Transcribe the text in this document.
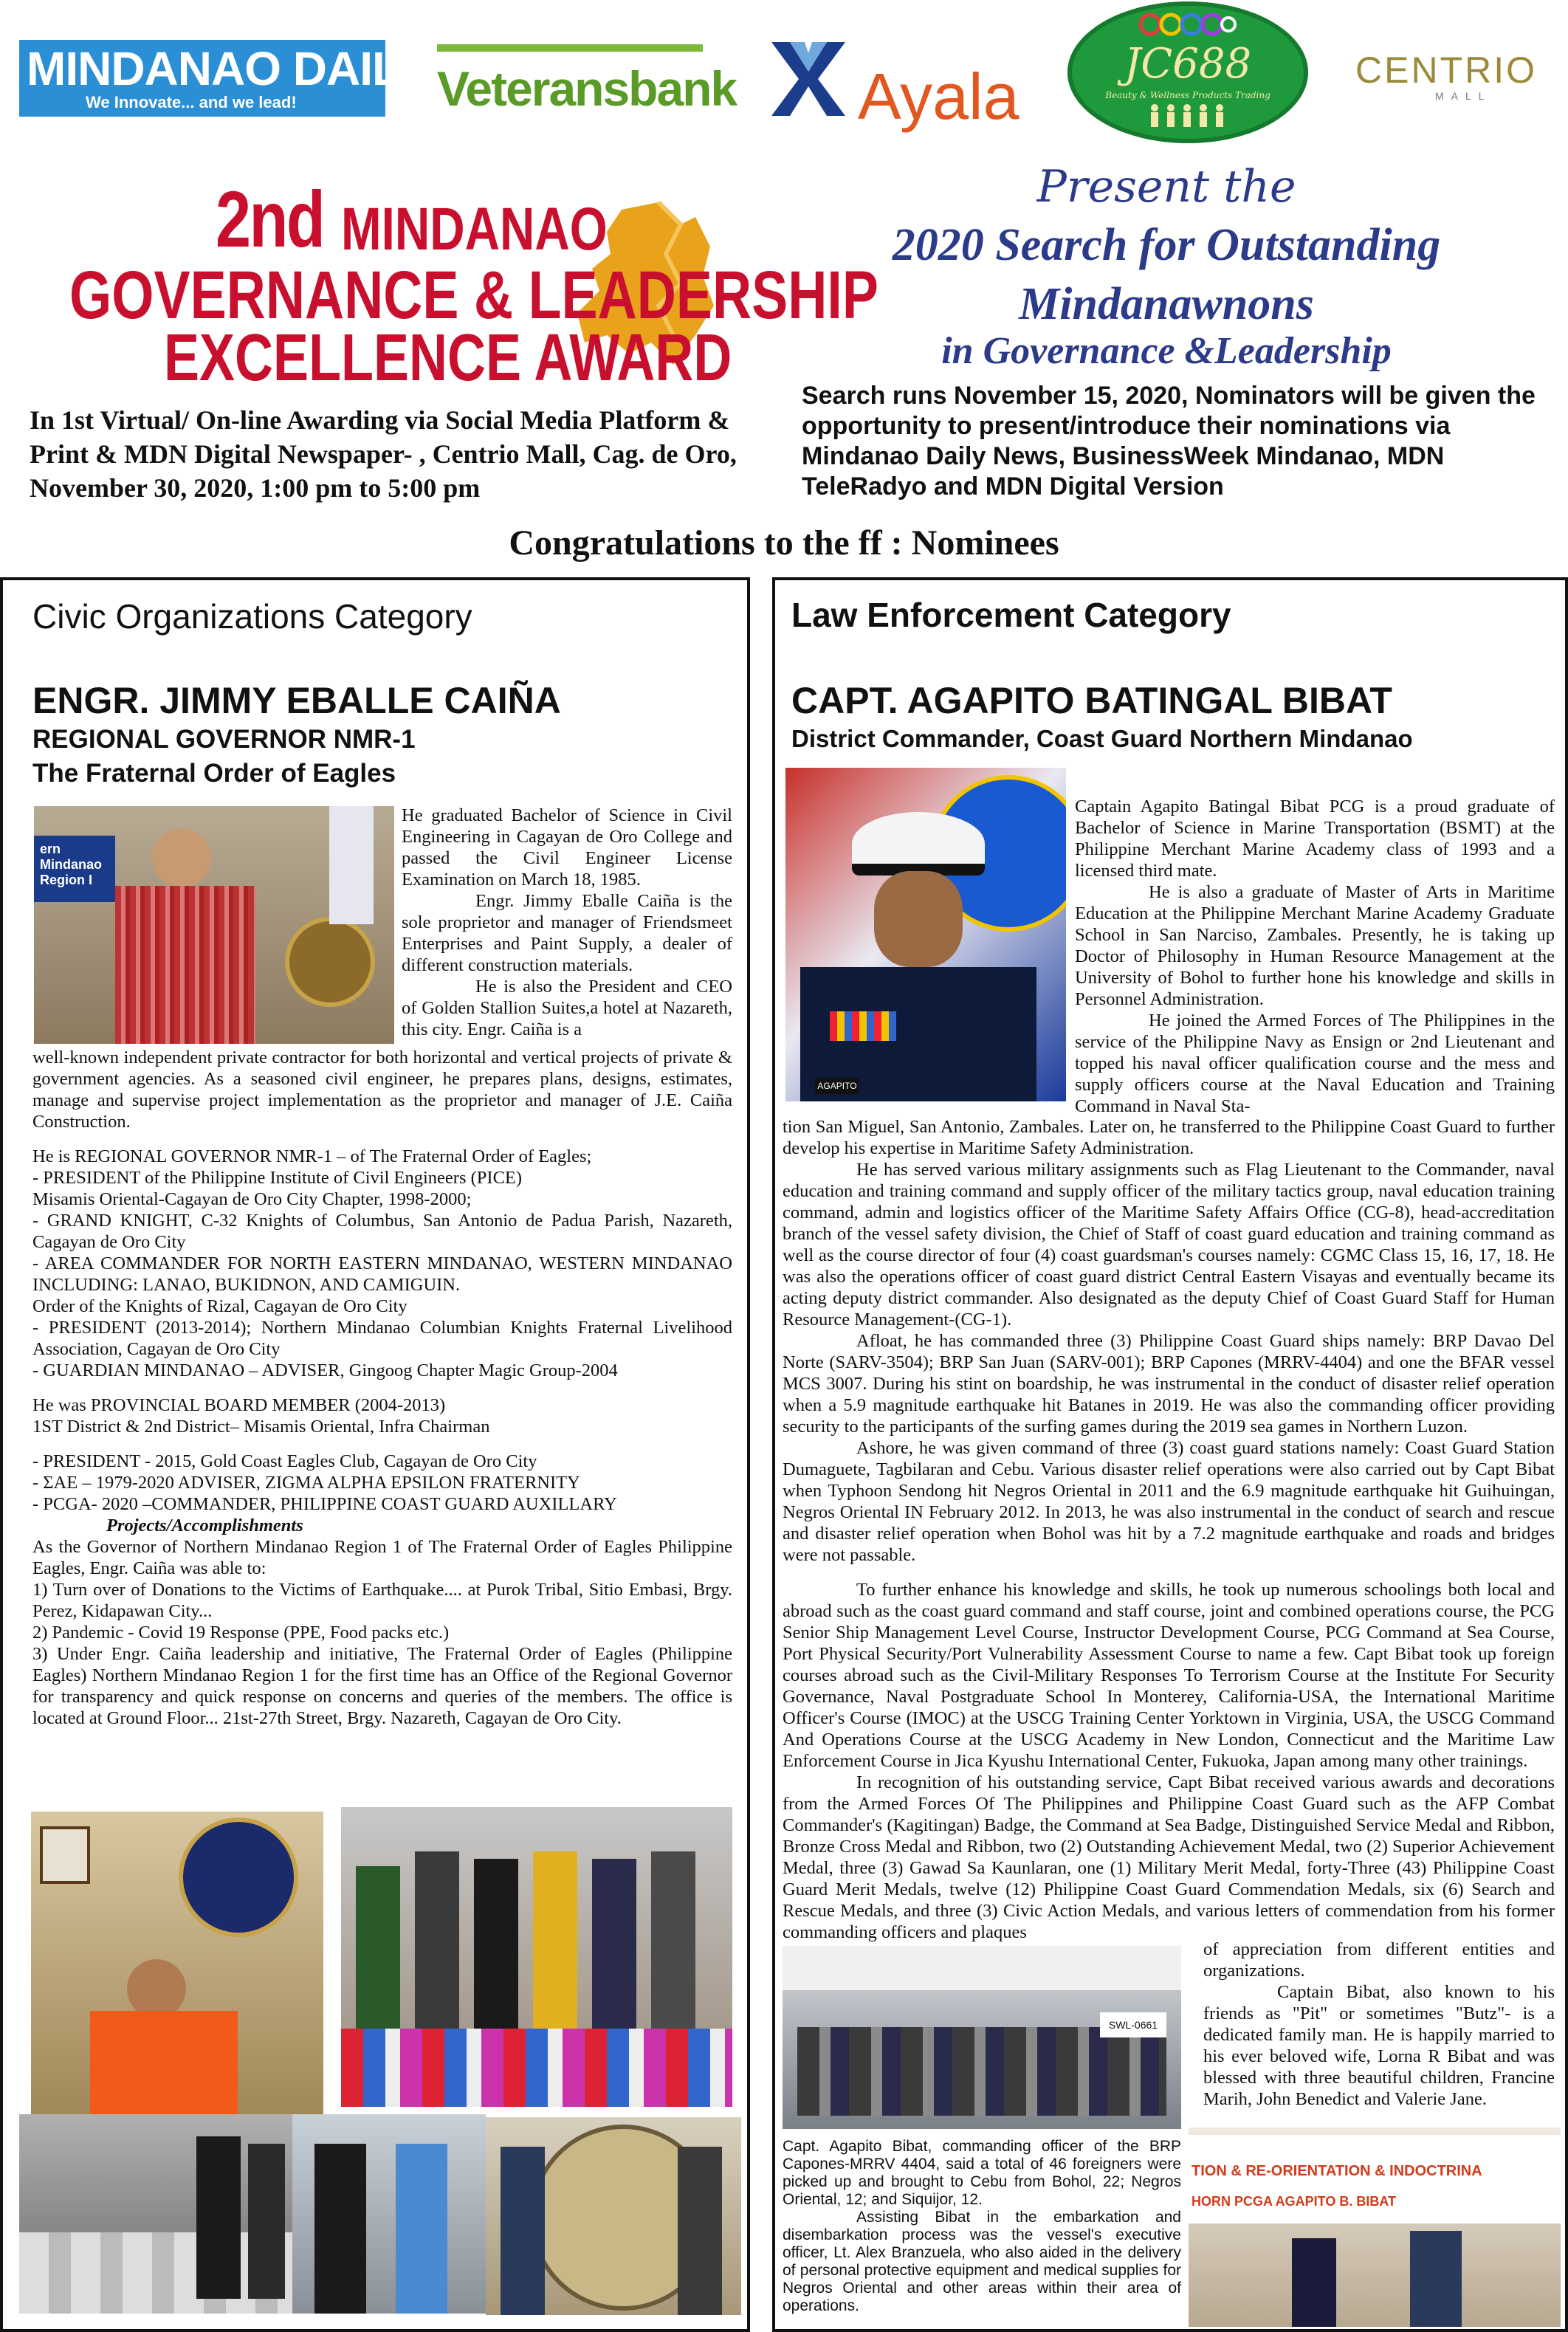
MINDANAO DAILY
We Innovate... and we lead!	Veteransbank Ayala	JC688
Beauty & Wellness Products Trading
CENTRIO
MALL
2nd MINDANAO
GOVERNANCE & LEADERSHIP
EXCELLENCE AWARD
In 1st Virtual/ On-line Awarding via Social Media Platform & Print & MDN Digital Newspaper- , Centrio Mall, Cag. de Oro, November 30, 2020, 1:00 pm to 5:00 pm
Present the
2020 Search for Outstanding
Mindanawnons
in Governance &Leadership
Search runs November 15, 2020, Nominators will be given the opportunity to present/introduce their nominations via Mindanao Daily News, BusinessWeek Mindanao, MDN TeleRadyo and MDN Digital Version
Congratulations to the ff : Nominees
Civic Organizations Category
ENGR. JIMMY EBALLE CAIÑA
REGIONAL GOVERNOR NMR-1
The Fraternal Order of Eagles
ern Mindanao Region I

He graduated Bachelor of Science in Civil Engineering in Cagayan de Oro College and passed the Civil Engineer License Examination on March 18, 1985.

Engr. Jimmy Eballe Caiña is the sole proprietor and manager of Friendsmeet Enterprises and Paint Supply, a dealer of different construction materials.

He is also the President and CEO of Golden Stallion Suites,a hotel at Nazareth, this city. Engr. Caiña is a

well-known independent private contractor for both horizontal and vertical projects of private & government agencies. As a seasoned civil engineer, he prepares plans, designs, estimates, manage and supervise project implementation as the proprietor and manager of J.E. Caiña Construction.

He is REGIONAL GOVERNOR NMR-1 – of The Fraternal Order of Eagles;

- PRESIDENT of the Philippine Institute of Civil Engineers (PICE)

Misamis Oriental-Cagayan de Oro City Chapter, 1998-2000;

- GRAND KNIGHT, C-32 Knights of Columbus, San Antonio de Padua Parish, Nazareth, Cagayan de Oro City

- AREA COMMANDER FOR NORTH EASTERN MINDANAO, WESTERN MINDANAO INCLUDING: LANAO, BUKIDNON, AND CAMIGUIN.

Order of the Knights of Rizal, Cagayan de Oro City

- PRESIDENT (2013-2014); Northern Mindanao Columbian Knights Fraternal Livelihood Association, Cagayan de Oro City

- GUARDIAN MINDANAO – ADVISER, Gingoog Chapter Magic Group-2004

He was PROVINCIAL BOARD MEMBER (2004-2013)

1ST District & 2nd District– Misamis Oriental, Infra Chairman

- PRESIDENT - 2015, Gold Coast Eagles Club, Cagayan de Oro City

- ΣAE – 1979-2020 ADVISER, ZIGMA ALPHA EPSILON FRATERNITY

- PCGA- 2020 –COMMANDER, PHILIPPINE COAST GUARD AUXILLARY

Projects/Accomplishments

As the Governor of Northern Mindanao Region 1 of The Fraternal Order of Eagles Philippine Eagles, Engr. Caiña was able to:

1) Turn over of Donations to the Victims of Earthquake.... at Purok Tribal, Sitio Embasi, Brgy. Perez, Kidapawan City...

2) Pandemic - Covid 19 Response (PPE, Food packs etc.)

3) Under Engr. Caiña leadership and initiative, The Fraternal Order of Eagles (Philippine Eagles) Northern Mindanao Region 1 for the first time has an Office of the Regional Governor for transparency and quick response on concerns and queries of the members. The office is located at Ground Floor... 21st-27th Street, Brgy. Nazareth, Cagayan de Oro City.

Law Enforcement Category
CAPT. AGAPITO BATINGAL BIBAT
District Commander, Coast Guard Northern Mindanao
AGAPITO

Captain Agapito Batingal Bibat PCG is a proud graduate of Bachelor of Science in Marine Transportation (BSMT) at the Philippine Merchant Marine Academy class of 1993 and a licensed third mate.

He is also a graduate of Master of Arts in Maritime Education at the Philippine Merchant Marine Academy Graduate School in San Narciso, Zambales. Presently, he is taking up Doctor of Philosophy in Human Resource Management at the University of Bohol to further hone his knowledge and skills in Personnel Administration.

He joined the Armed Forces of The Philippines in the service of the Philippine Navy as Ensign or 2nd Lieutenant and topped his naval officer qualification course and the mess and supply officers course at the Naval Education and Training Command in Naval Sta-

tion San Miguel, San Antonio, Zambales. Later on, he transferred to the Philippine Coast Guard to further develop his expertise in Maritime Safety Administration.

He has served various military assignments such as Flag Lieutenant to the Commander, naval education and training command and supply officer of the military tactics group, naval education training command, admin and logistics officer of the Maritime Safety Affairs Office (CG-8), head-accreditation branch of the vessel safety division, the Chief of Staff of coast guard education and training command as well as the course director of four (4) coast guardsman's courses namely: CGMC Class 15, 16, 17, 18. He was also the operations officer of coast guard district Central Eastern Visayas and eventually became its acting deputy district commander. Also designated as the deputy Chief of Coast Guard Staff for Human Resource Management-(CG-1).

Afloat, he has commanded three (3) Philippine Coast Guard ships namely: BRP Davao Del Norte (SARV-3504); BRP San Juan (SARV-001); BRP Capones (MRRV-4404) and one the BFAR vessel MCS 3007. During his stint on boardship, he was instrumental in the conduct of disaster relief operation when a 5.9 magnitude earthquake hit Batanes in 2019. He was also the commanding officer providing security to the participants of the surfing games during the 2019 sea games in Northern Luzon.

Ashore, he was given command of three (3) coast guard stations namely: Coast Guard Station Dumaguete, Tagbilaran and Cebu. Various disaster relief operations were also carried out by Capt Bibat when Typhoon Sendong hit Negros Oriental in 2011 and the 6.9 magnitude earthquake hit Guihuingan, Negros Oriental IN February 2012. In 2013, he was also instrumental in the conduct of search and rescue and disaster relief operation when Bohol was hit by a 7.2 magnitude earthquake and roads and bridges were not passable.

To further enhance his knowledge and skills, he took up numerous schoolings both local and abroad such as the coast guard command and staff course, joint and combined operations course, the PCG Senior Ship Management Level Course, Instructor Development Course, PCG Command at Sea Course, Port Physical Security/Port Vulnerability Assessment Course to name a few. Capt Bibat took up foreign courses abroad such as the Civil-Military Responses To Terrorism Course at the Institute For Security Governance, Naval Postgraduate School In Monterey, California-USA, the International Maritime Officer's Course (IMOC) at the USCG Training Center Yorktown in Virginia, USA, the USCG Command And Operations Course at the USCG Academy in New London, Connecticut and the Maritime Law Enforcement Course in Jica Kyushu International Center, Fukuoka, Japan among many other trainings.

In recognition of his outstanding service, Capt Bibat received various awards and decorations from the Armed Forces Of The Philippines and Philippine Coast Guard such as the AFP Combat Commander's (Kagitingan) Badge, the Command at Sea Badge, Distinguished Service Medal and Ribbon, Bronze Cross Medal and Ribbon, two (2) Outstanding Achievement Medal, two (2) Superior Achievement Medal, three (3) Gawad Sa Kaunlaran, one (1) Military Merit Medal, forty-Three (43) Philippine Coast Guard Merit Medals, twelve (12) Philippine Coast Guard Commendation Medals, six (6) Search and Rescue Medals, and three (3) Civic Action Medals, and various letters of commendation from his former commanding officers and plaques

SWL-0661

of appreciation from different entities and organizations.

Captain Bibat, also known to his friends as "Pit" or sometimes "Butz"- is a dedicated family man. He is happily married to his ever beloved wife, Lorna R Bibat and was blessed with three beautiful children, Francine Marih, John Benedict and Valerie Jane.

Capt. Agapito Bibat, commanding officer of the BRP Capones-MRRV 4404, said a total of 46 foreigners were picked up and brought to Cebu from Bohol, 22; Negros Oriental, 12; and Siquijor, 12.
Assisting Bibat in the embarkation and disembarkation process was the vessel's executive officer, Lt. Alex Branzuela, who also aided in the delivery of personal protective equipment and medical supplies for Negros Oriental and other areas within their area of operations.
TION & RE-ORIENTATION & INDOCTRINA
HORN PCGA AGAPITO B. BIBAT
